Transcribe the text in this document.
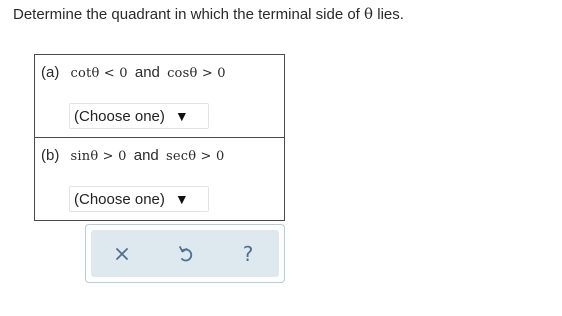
Determine the quadrant in which the terminal side of θ lies.
(a) cotθ < 0 and cosθ > 0
(Choose one) ▼
(b) sinθ > 0 and secθ > 0
(Choose one) ▼
?
